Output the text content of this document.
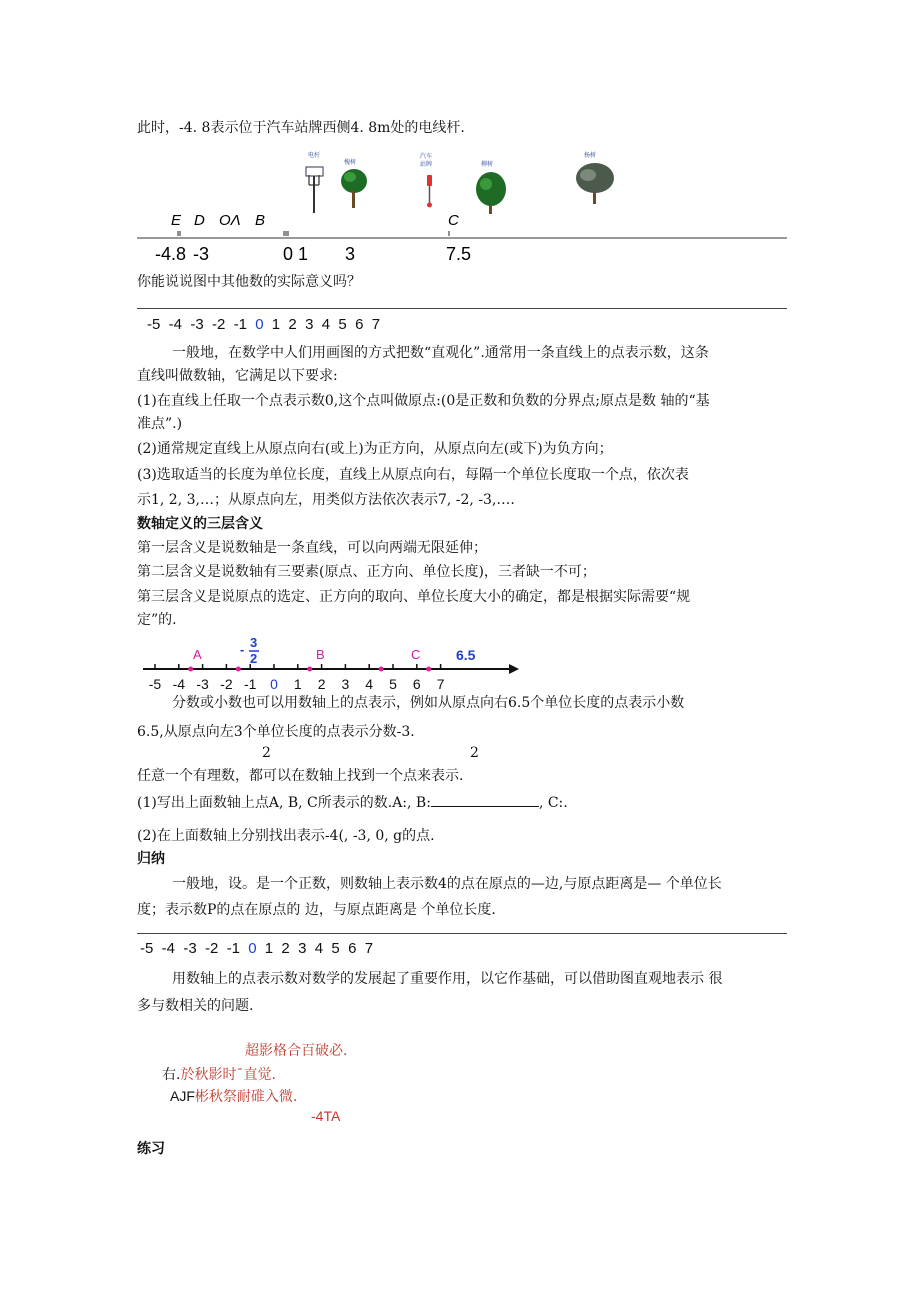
此时，-4. 8表示位于汽车站牌西侧4. 8m处的电线杆.
电杆
槐树
汽车
站牌	柳树
杨树
E D OΛ B	C
-4.8 -3	0 1 3	7.5
你能说说图中其他数的实际意义吗？
-5  -4  -3  -2  -1 0 1  2  3  4  5  6  7
一般地，在数学中人们用画图的方式把数“直观化”.通常用一条直线上的点表示数，这条
直线叫做数轴，它满足以下要求:
(1)在直线上任取一个点表示数0,这个点叫做原点:(0是正数和负数的分界点;原点是数 轴的“基
准点”.)
(2)通常规定直线上从原点向右(或上)为正方向，从原点向左(或下)为负方向；
(3)选取适当的长度为单位长度，直线上从原点向右，每隔一个单位长度取一个点，依次表
示1, 2, 3,…；从原点向左，用类似方法依次表示7, -2, -3,….
数轴定义的三层含义
第一层含义是说数轴是一条直线，可以向两端无限延伸；
第二层含义是说数轴有三要素(原点、正方向、单位长度)，三者缺一不可；
第三层含义是说原点的选定、正方向的取向、单位长度大小的确定，都是根据实际需要“规
定”的.
-5 -4 -3 -2 -1 0 1 2 3 4 5 6 7
A	- 3
2	B	C	6.5
分数或小数也可以用数轴上的点表示，例如从原点向右6.5个单位长度的点表示小数
6.5,从原点向左3个单位长度的点表示分数-3.
2	2
任意一个有理数，都可以在数轴上找到一个点来表示.
(1)写出上面数轴上点A, B, C所表示的数.A:, B:	, C:.
(2)在上面数轴上分别找出表示-4(, -3, 0, g的点.
归纳
一般地，设。是一个正数，则数轴上表示数4的点在原点的—边,与原点距离是— 个单位长
度；表示数P的点在原点的 边，与原点距离是 个单位长度.
-5  -4  -3  -2  -1 0 1  2  3  4  5  6  7
用数轴上的点表示数对数学的发展起了重要作用，以它作基础，可以借助图直观地表示 很
多与数相关的问题.
超影格合百破必.
右.於秋影时ˉ直觉.
AJF彬秋祭耐碓入微.
-4TA
练习
